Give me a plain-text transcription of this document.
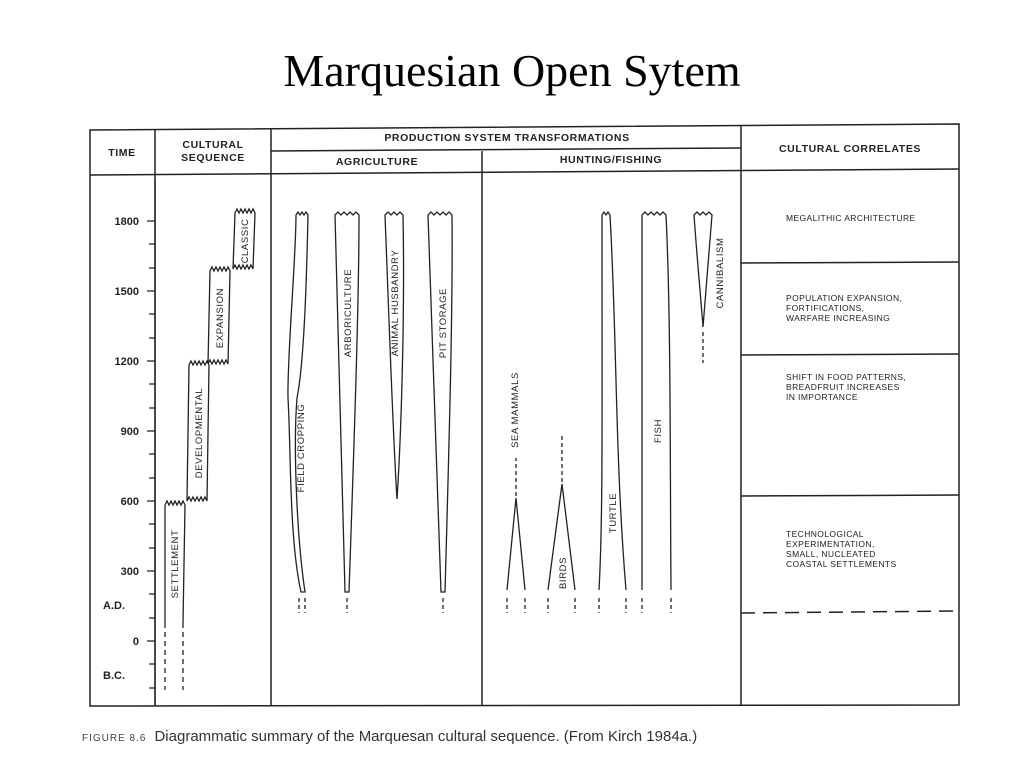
Marquesian Open Sytem
TIME
CULTURAL
SEQUENCE
PRODUCTION SYSTEM TRANSFORMATIONS
AGRICULTURE	HUNTING/FISHING
CULTURAL CORRELATES
1800
1500
1200
900
600
300
A.D.
0
B.C.
SETTLEMENT
DEVELOPMENTAL
EXPANSION
CLASSIC
FIELD CROPPING
ARBORICULTURE	ANIMAL HUSBANDRY	PIT STORAGE
SEA MAMMALS
BIRDS
TURTLE
FISH
CANNIBALISM
MEGALITHIC ARCHITECTURE
POPULATION EXPANSION,
FORTIFICATIONS,
WARFARE INCREASING
SHIFT IN FOOD PATTERNS,
BREADFRUIT INCREASES
IN IMPORTANCE
TECHNOLOGICAL
EXPERIMENTATION,
SMALL, NUCLEATED
COASTAL SETTLEMENTS
FIGURE 8.6 Diagrammatic summary of the Marquesan cultural sequence. (From Kirch 1984a.)
